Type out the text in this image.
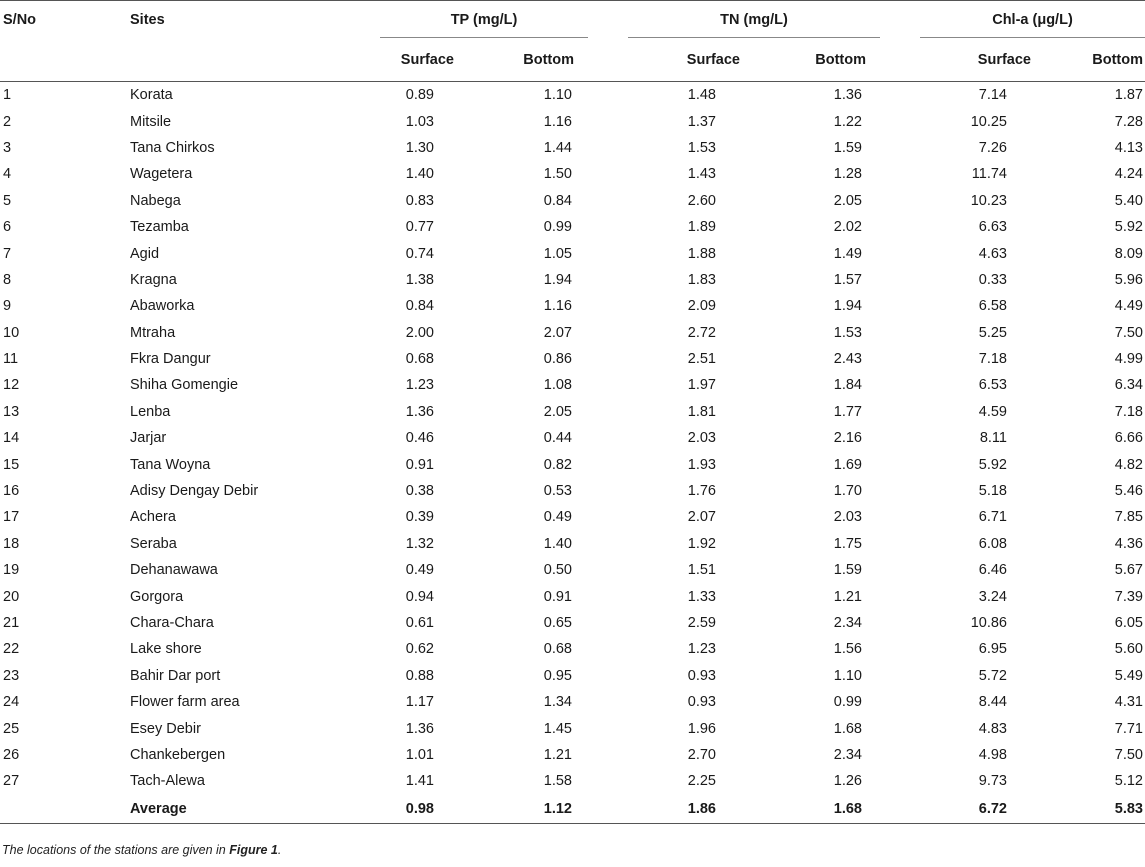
S/No	Sites	TP (mg/L)		TN (mg/L)		Chl-a (μg/L)	

		Surface	Bottom	Surface	Bottom	Surface	Bottom
1	Korata	0.89	1.10	1.48	1.36	7.14	1.87
2	Mitsile	1.03	1.16	1.37	1.22	10.25	7.28
3	Tana Chirkos	1.30	1.44	1.53	1.59	7.26	4.13
4	Wagetera	1.40	1.50	1.43	1.28	11.74	4.24
5	Nabega	0.83	0.84	2.60	2.05	10.23	5.40
6	Tezamba	0.77	0.99	1.89	2.02	6.63	5.92
7	Agid	0.74	1.05	1.88	1.49	4.63	8.09
8	Kragna	1.38	1.94	1.83	1.57	0.33	5.96
9	Abaworka	0.84	1.16	2.09	1.94	6.58	4.49
10	Mtraha	2.00	2.07	2.72	1.53	5.25	7.50
11	Fkra Dangur	0.68	0.86	2.51	2.43	7.18	4.99
12	Shiha Gomengie	1.23	1.08	1.97	1.84	6.53	6.34
13	Lenba	1.36	2.05	1.81	1.77	4.59	7.18
14	Jarjar	0.46	0.44	2.03	2.16	8.11	6.66
15	Tana Woyna	0.91	0.82	1.93	1.69	5.92	4.82
16	Adisy Dengay Debir	0.38	0.53	1.76	1.70	5.18	5.46
17	Achera	0.39	0.49	2.07	2.03	6.71	7.85
18	Seraba	1.32	1.40	1.92	1.75	6.08	4.36
19	Dehanawawa	0.49	0.50	1.51	1.59	6.46	5.67
20	Gorgora	0.94	0.91	1.33	1.21	3.24	7.39
21	Chara-Chara	0.61	0.65	2.59	2.34	10.86	6.05
22	Lake shore	0.62	0.68	1.23	1.56	6.95	5.60
23	Bahir Dar port	0.88	0.95	0.93	1.10	5.72	5.49
24	Flower farm area	1.17	1.34	0.93	0.99	8.44	4.31
25	Esey Debir	1.36	1.45	1.96	1.68	4.83	7.71
26	Chankebergen	1.01	1.21	2.70	2.34	4.98	7.50
27	Tach-Alewa	1.41	1.58	2.25	1.26	9.73	5.12
	Average	0.98	1.12	1.86	1.68	6.72	5.83
The locations of the stations are given in Figure 1.
